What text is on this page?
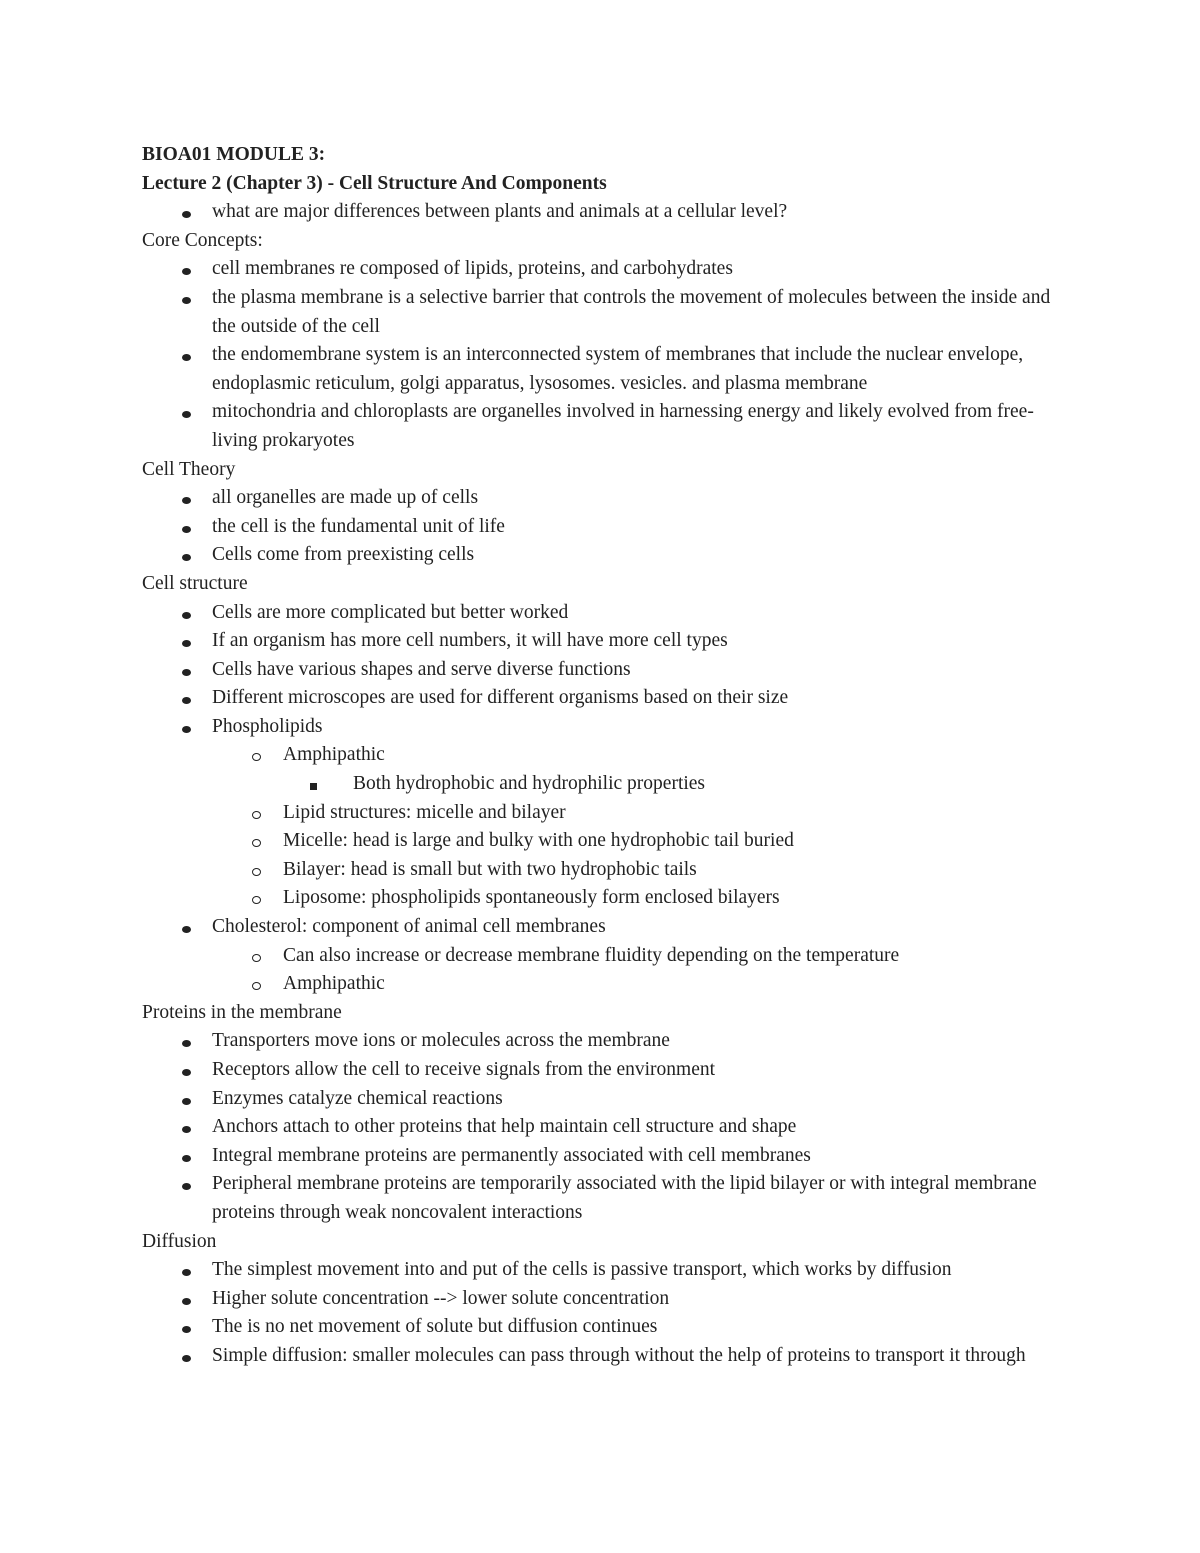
BIOA01 MODULE 3:

Lecture 2 (Chapter 3) - Cell Structure And Components

what are major differences between plants and animals at a cellular level?

Core Concepts:

cell membranes re composed of lipids, proteins, and carbohydrates
the plasma membrane is a selective barrier that controls the movement of molecules between the inside and the outside of the cell
the endomembrane system is an interconnected system of membranes that include the nuclear envelope, endoplasmic reticulum, golgi apparatus, lysosomes. vesicles. and plasma membrane
mitochondria and chloroplasts are organelles involved in harnessing energy and likely evolved from free-living prokaryotes

Cell Theory

all organelles are made up of cells
the cell is the fundamental unit of life
Cells come from preexisting cells

Cell structure

Cells are more complicated but better worked
If an organism has more cell numbers, it will have more cell types
Cells have various shapes and serve diverse functions
Different microscopes are used for different organisms based on their size
Phospholipids
Amphipathic
Both hydrophobic and hydrophilic properties
Lipid structures: micelle and bilayer
Micelle: head is large and bulky with one hydrophobic tail buried
Bilayer: head is small but with two hydrophobic tails
Liposome: phospholipids spontaneously form enclosed bilayers
Cholesterol: component of animal cell membranes
Can also increase or decrease membrane fluidity depending on the temperature
Amphipathic

Proteins in the membrane

Transporters move ions or molecules across the membrane
Receptors allow the cell to receive signals from the environment
Enzymes catalyze chemical reactions
Anchors attach to other proteins that help maintain cell structure and shape
Integral membrane proteins are permanently associated with cell membranes
Peripheral membrane proteins are temporarily associated with the lipid bilayer or with integral membrane proteins through weak noncovalent interactions

Diffusion

The simplest movement into and put of the cells is passive transport, which works by diffusion
Higher solute concentration --> lower solute concentration
The is no net movement of solute but diffusion continues
Simple diffusion: smaller molecules can pass through without the help of proteins to transport it through
